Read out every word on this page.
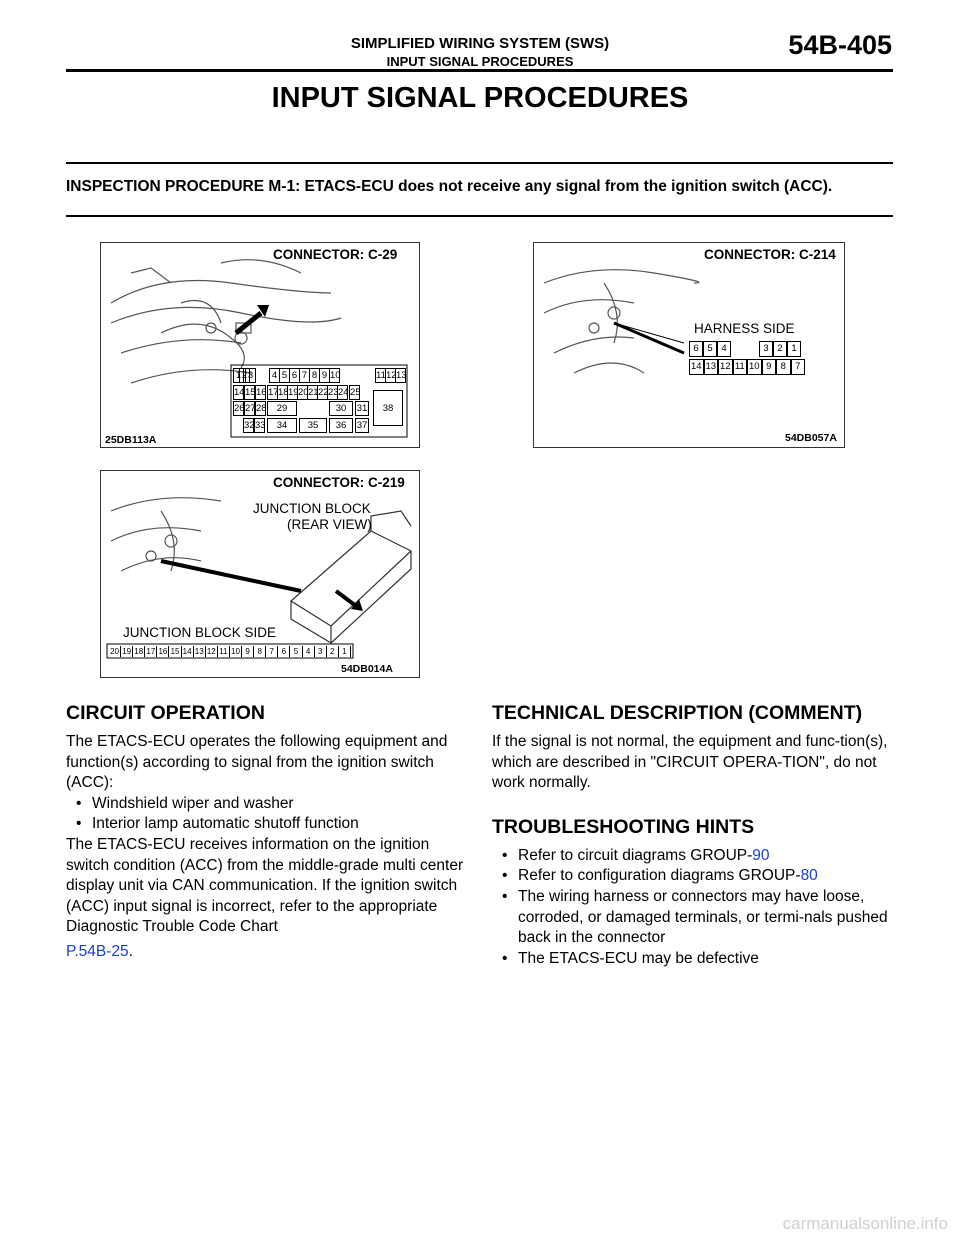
SIMPLIFIED WIRING SYSTEM (SWS)
INPUT SIGNAL PROCEDURES
54B-405
INPUT SIGNAL PROCEDURES
INSPECTION PROCEDURE M-1: ETACS-ECU does not receive any signal from the ignition switch (ACC).
CONNECTOR: C-29
25DB113A
1 2 3	4 5 6 7 8 9 10	11 12 13
14 15 16 17 18 19 20 21 22 23 24 25
26 27 28	29	30	31
32 33	34	35	36	37
38
CONNECTOR: C-214
HARNESS SIDE
54DB057A
6 5 4	3 2 1
14 13 12 11 10 9 8 7
CONNECTOR: C-219
JUNCTION BLOCK
(REAR VIEW)
JUNCTION BLOCK SIDE
54DB014A
20 19 18 17 16 15 14 13 12 11 10 9 8 7 6 5 4 3 2 1
CIRCUIT OPERATION

The ETACS-ECU operates the following equipment and function(s) according to signal from the ignition switch (ACC):

• Windshield wiper and washer
• Interior lamp automatic shutoff function

The ETACS-ECU receives information on the ignition switch condition (ACC) from the middle-grade multi center display unit via CAN communication. If the ignition switch (ACC) input signal is incorrect, refer to the appropriate Diagnostic Trouble Code Chart

P.54B-25.

TECHNICAL DESCRIPTION (COMMENT)

If the signal is not normal, the equipment and func-tion(s), which are described in "CIRCUIT OPERA-TION", do not work normally.

TROUBLESHOOTING HINTS
• Refer to circuit diagrams GROUP-90
• Refer to configuration diagrams GROUP-80
• The wiring harness or connectors may have loose, corroded, or damaged terminals, or termi-nals pushed back in the connector
• The ETACS-ECU may be defective
carmanualsonline.info
